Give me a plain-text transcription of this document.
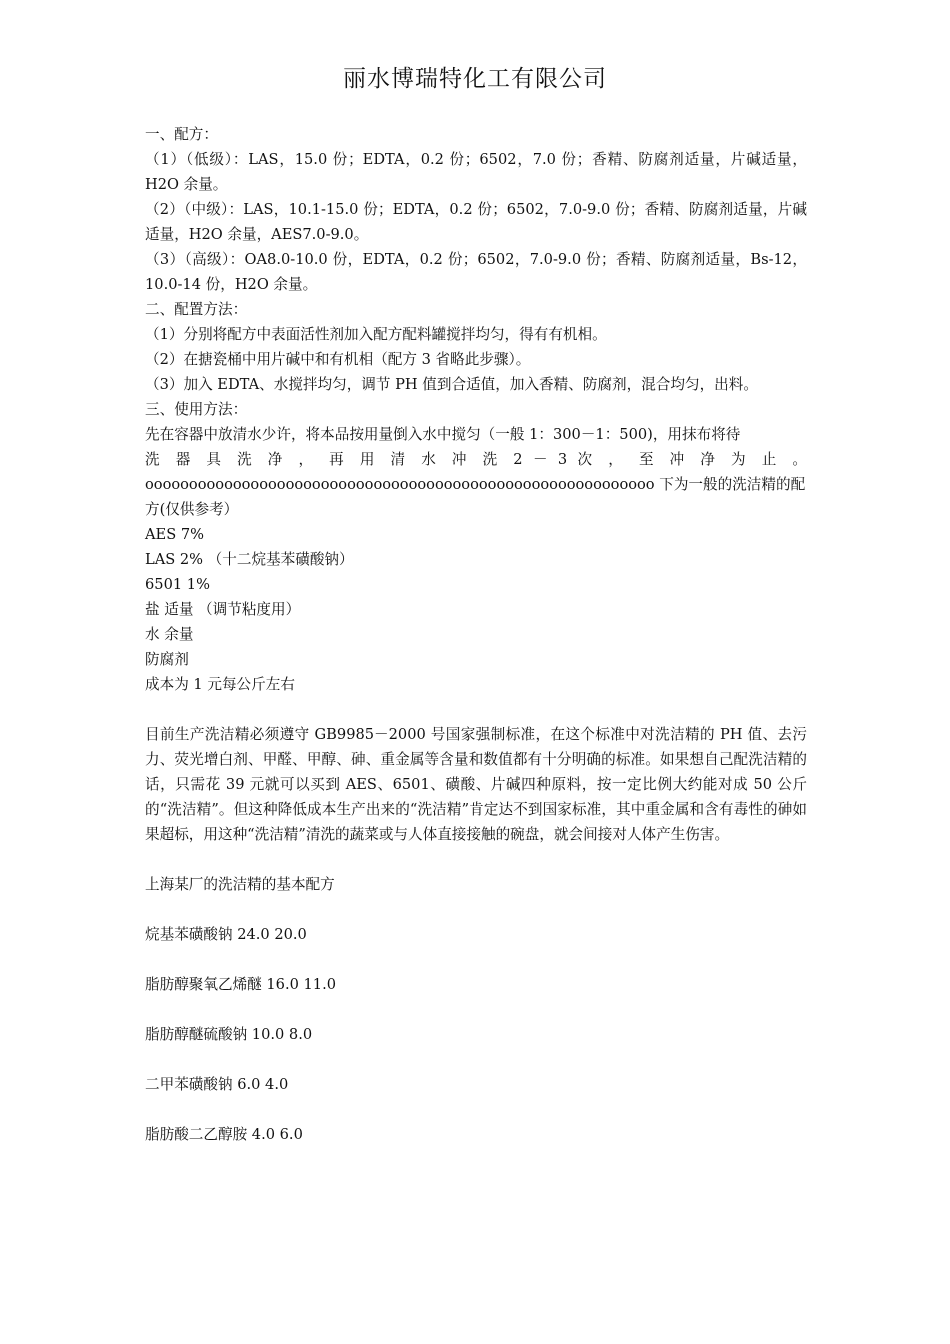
丽水博瑞特化工有限公司

一、配方：

（1）（低级）：LAS，15.0 份；EDTA，0.2 份；6502，7.0 份；香精、防腐剂适量，片碱适量，H2O 余量。

（2）（中级）：LAS，10.1-15.0 份；EDTA，0.2 份；6502，7.0-9.0 份；香精、防腐剂适量，片碱适量，H2O 余量，AES7.0-9.0。

（3）（高级）：OA8.0-10.0 份，EDTA，0.2 份；6502，7.0-9.0 份；香精、防腐剂适量，Bs-12，10.0-14 份，H2O 余量。

二、配置方法：

（1）分别将配方中表面活性剂加入配方配料罐搅拌均匀，得有有机相。

（2）在搪瓷桶中用片碱中和有机相（配方 3 省略此步骤）。

（3）加入 EDTA、水搅拌均匀，调节 PH 值到合适值，加入香精、防腐剂，混合均匀，出料。

三、使用方法：

先在容器中放清水少许，将本品按用量倒入水中搅匀（一般 1：300－1：500)，用抹布将待

洗 器 具 洗 净 ， 再 用 清 水 冲 洗 2 － 3 次 ， 至 冲 净 为 止 。

oooooooooooooooooooooooooooooooooooooooooooooooooooooooooo 下为一般的洗洁精的配方(仅供参考）

AES 7%

LAS 2% （十二烷基苯磺酸钠）

6501 1%

盐 适量 （调节粘度用）

水 余量

防腐剂

成本为 1 元每公斤左右

目前生产洗洁精必须遵守 GB9985－2000 号国家强制标准，在这个标准中对洗洁精的 PH 值、去污力、荧光增白剂、甲醛、甲醇、砷、重金属等含量和数值都有十分明确的标准。如果想自己配洗洁精的话，只需花 39 元就可以买到 AES、6501、磺酸、片碱四种原料，按一定比例大约能对成 50 公斤的“洗洁精”。但这种降低成本生产出来的“洗洁精”肯定达不到国家标准，其中重金属和含有毒性的砷如果超标，用这种“洗洁精”清洗的蔬菜或与人体直接接触的碗盘，就会间接对人体产生伤害。

上海某厂的洗洁精的基本配方

烷基苯磺酸钠 24.0 20.0

脂肪醇聚氧乙烯醚 16.0 11.0

脂肪醇醚硫酸钠 10.0 8.0

二甲苯磺酸钠 6.0 4.0

脂肪酸二乙醇胺 4.0 6.0
